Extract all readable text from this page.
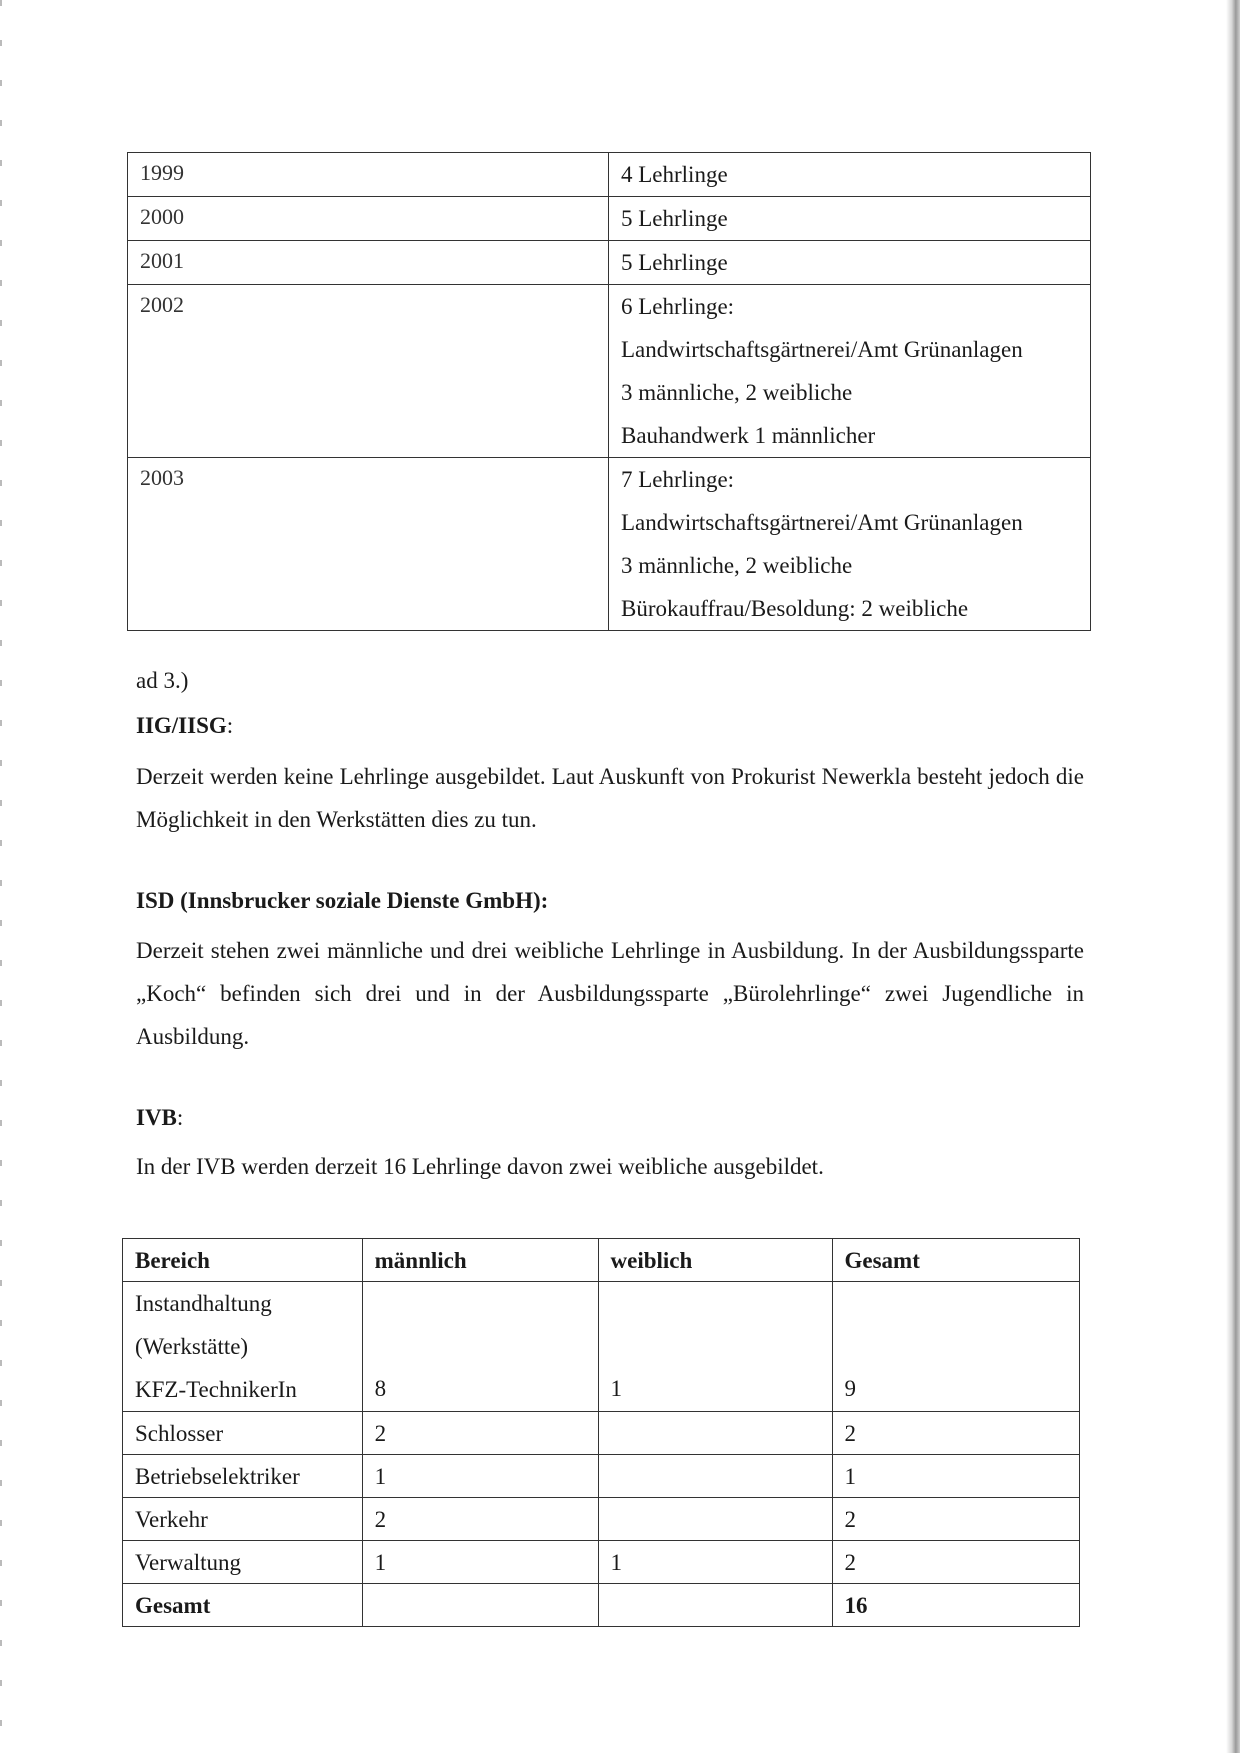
1999	4 Lehrlinge

2000	5 Lehrlinge

2001	5 Lehrlinge

2002	6 Lehrlinge:
Landwirtschaftsgärtnerei/Amt Grünanlagen
3 männliche, 2 weibliche
Bauhandwerk 1 männlicher

2003	7 Lehrlinge:
Landwirtschaftsgärtnerei/Amt Grünanlagen
3 männliche, 2 weibliche
Bürokauffrau/Besoldung: 2 weibliche
ad 3.)
IIG/IISG:
Derzeit werden keine Lehrlinge ausgebildet. Laut Auskunft von Prokurist Newerkla besteht jedoch die Möglichkeit in den Werkstätten dies zu tun.
ISD (Innsbrucker soziale Dienste GmbH):
Derzeit stehen zwei männliche und drei weibliche Lehrlinge in Ausbildung. In der Ausbildungssparte „Koch“ befinden sich drei und in der Ausbildungssparte „Bürolehrlinge“ zwei Jugendliche in Ausbildung.
IVB:
In der IVB werden derzeit 16 Lehrlinge davon zwei weibliche ausgebildet.
Bereich	männlich	weiblich	Gesamt

Instandhaltung
(Werkstätte)
KFZ-TechnikerIn	8	1	9
Schlosser	2		2
Betriebselektriker	1		1
Verkehr	2		2
Verwaltung	1	1	2
Gesamt			16
